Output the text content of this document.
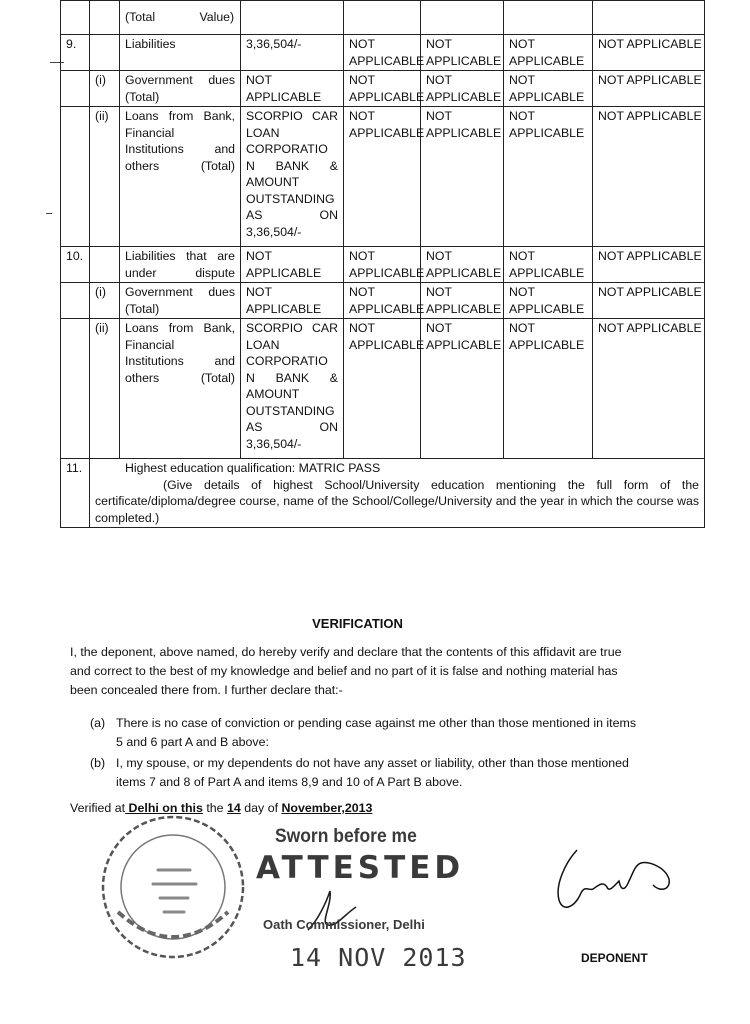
		(Total             Value)					
9.		Liabilities	3,36,504/-	NOT APPLICABLE	NOT APPLICABLE	NOT APPLICABLE	NOT APPLICABLE
	(i)	Government dues (Total)	NOT APPLICABLE	NOT APPLICABLE	NOT APPLICABLE	NOT APPLICABLE	NOT APPLICABLE
	(ii)	Loans from Bank, Financial Institutions and others (Total)	SCORPIO CAR LOAN CORPORATIO N BANK & AMOUNT OUTSTANDING AS ON 3,36,504/-	NOT APPLICABLE	NOT APPLICABLE	NOT APPLICABLE	NOT APPLICABLE
10.		Liabilities that are under dispute	NOT APPLICABLE	NOT APPLICABLE	NOT APPLICABLE	NOT APPLICABLE	NOT APPLICABLE
	(i)	Government dues (Total)	NOT APPLICABLE	NOT APPLICABLE	NOT APPLICABLE	NOT APPLICABLE	NOT APPLICABLE
	(ii)	Loans from Bank, Financial Institutions and others (Total)	SCORPIO CAR LOAN CORPORATIO N BANK & AMOUNT OUTSTANDING AS ON 3,36,504/-	NOT APPLICABLE	NOT APPLICABLE	NOT APPLICABLE	NOT APPLICABLE
11.	Highest education qualification: MATRIC PASS
(Give details of highest School/University education mentioning the full form of the certificate/diploma/degree course, name of the School/College/University and the year in which the course was completed.)						
VERIFICATION

I, the deponent, above named, do hereby verify and declare that the contents of this affidavit are true and correct to the best of my knowledge and belief and no part of it is false and nothing material has been concealed there from. I further declare that:-

(a) There is no case of conviction or pending case against me other than those mentioned in items 5 and 6 part A and B above:
(b) I, my spouse, or my dependents do not have any asset or liability, other than those mentioned items 7 and 8 of Part A and items 8,9 and 10 of A Part B above.
Verified at Delhi on this the 14 day of November,2013
Sworn before me
ATTESTED
Oath Commissioner, Delhi
14 NOV 2013	DEPONENT
